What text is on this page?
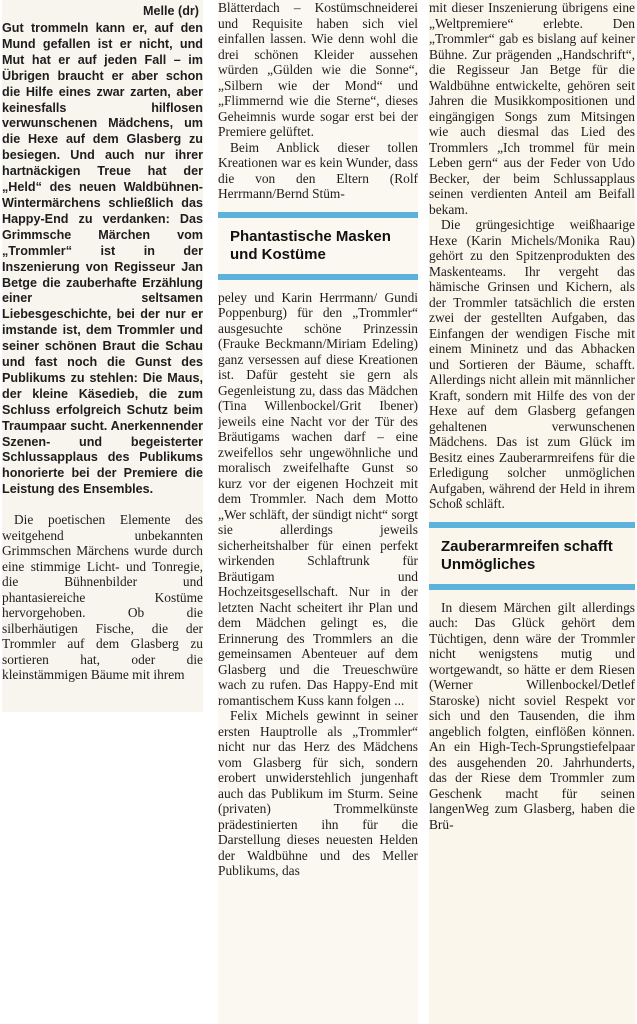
Melle (dr)

Gut trommeln kann er, auf den Mund gefallen ist er nicht, und Mut hat er auf jeden Fall – im Übrigen braucht er aber schon die Hilfe eines zwar zarten, aber keinesfalls hilflosen verwunschenen Mädchens, um die Hexe auf dem Glasberg zu besiegen. Und auch nur ihrer hartnäckigen Treue hat der „Held“ des neuen Waldbühnen-Wintermärchens schließlich das Happy-End zu verdanken: Das Grimmsche Märchen vom „Trommler“ ist in der Inszenierung von Regisseur Jan Betge die zauberhafte Erzählung einer seltsamen Liebesgeschichte, bei der nur er imstande ist, dem Trommler und seiner schönen Braut die Schau und fast noch die Gunst des Publikums zu stehlen: Die Maus, der kleine Käsedieb, die zum Schluss erfolgreich Schutz beim Traumpaar sucht. Anerkennender Szenen- und begeisterter Schlussapplaus des Publikums honorierte bei der Premiere die Leistung des Ensembles.

Die poetischen Elemente des weitgehend unbekannten Grimmschen Märchens wurde durch eine stimmige Licht- und Tonregie, die Bühnenbilder und phantasiereiche Kostüme hervorgehoben. Ob die silberhäutigen Fische, die der Trommler auf dem Glasberg zu sortieren hat, oder die kleinstämmigen Bäume mit ihrem

Blätterdach – Kostümschneiderei und Requisite haben sich viel einfallen lassen. Wie denn wohl die drei schönen Kleider aussehen würden „Gülden wie die Sonne“, „Silbern wie der Mond“ und „Flimmernd wie die Sterne“, dieses Geheimnis wurde sogar erst bei der Premiere gelüftet.

Beim Anblick dieser tollen Kreationen war es kein Wunder, dass die von den Eltern (Rolf Herrmann/Bernd Stüm-

Phantastische Masken und Kostüme

peley und Karin Herrmann/ Gundi Poppenburg) für den „Trommler“ ausgesuchte schöne Prinzessin (Frauke Beckmann/Miriam Edeling) ganz versessen auf diese Kreationen ist. Dafür gesteht sie gern als Gegenleistung zu, dass das Mädchen (Tina Willenbockel/Grit Ibener) jeweils eine Nacht vor der Tür des Bräutigams wachen darf – eine zweifellos sehr ungewöhnliche und moralisch zweifelhafte Gunst so kurz vor der eigenen Hochzeit mit dem Trommler. Nach dem Motto „Wer schläft, der sündigt nicht“ sorgt sie allerdings jeweils sicherheitshalber für einen perfekt wirkenden Schlaftrunk für Bräutigam und Hochzeitsgesellschaft. Nur in der letzten Nacht scheitert ihr Plan und dem Mädchen gelingt es, die Erinnerung des Trommlers an die gemeinsamen Abenteuer auf dem Glasberg und die Treueschwüre wach zu rufen. Das Happy-End mit romantischem Kuss kann folgen ...

Felix Michels gewinnt in seiner ersten Hauptrolle als „Trommler“ nicht nur das Herz des Mädchens vom Glasberg für sich, sondern erobert unwiderstehlich jungenhaft auch das Publikum im Sturm. Seine (privaten) Trommelkünste prädestinierten ihn für die Darstellung dieses neuesten Helden der Waldbühne und des Meller Publikums, das

mit dieser Inszenierung übrigens eine „Weltpremiere“ erlebte. Den „Trommler“ gab es bislang auf keiner Bühne. Zur prägenden „Handschrift“, die Regisseur Jan Betge für die Waldbühne entwickelte, gehören seit Jahren die Musikkompositionen und eingängigen Songs zum Mitsingen wie auch diesmal das Lied des Trommlers „Ich trommel für mein Leben gern“ aus der Feder von Udo Becker, der beim Schlussapplaus seinen verdienten Anteil am Beifall bekam.

Die grüngesichtige weißhaarige Hexe (Karin Michels/Monika Rau) gehört zu den Spitzenprodukten des Maskenteams. Ihr vergeht das hämische Grinsen und Kichern, als der Trommler tatsächlich die ersten zwei der gestellten Aufgaben, das Einfangen der wendigen Fische mit einem Mininetz und das Abhacken und Sortieren der Bäume, schafft. Allerdings nicht allein mit männlicher Kraft, sondern mit Hilfe des von der Hexe auf dem Glasberg gefangen gehaltenen verwunschenen Mädchens. Das ist zum Glück im Besitz eines Zauberarmreifens für die Erledigung solcher unmöglichen Aufgaben, während der Held in ihrem Schoß schläft.

Zauberarmreifen schafft Unmögliches

In diesem Märchen gilt allerdings auch: Das Glück gehört dem Tüchtigen, denn wäre der Trommler nicht wenigstens mutig und wortgewandt, so hätte er dem Riesen (Werner Willenbockel/Detlef Staroske) nicht soviel Respekt vor sich und den Tausenden, die ihm angeblich folgten, einflößen können. An ein High-Tech-Sprungstiefelpaar des ausgehenden 20. Jahrhunderts, das der Riese dem Trommler zum Geschenk macht für seinen langenWeg zum Glasberg, haben die Brü-
